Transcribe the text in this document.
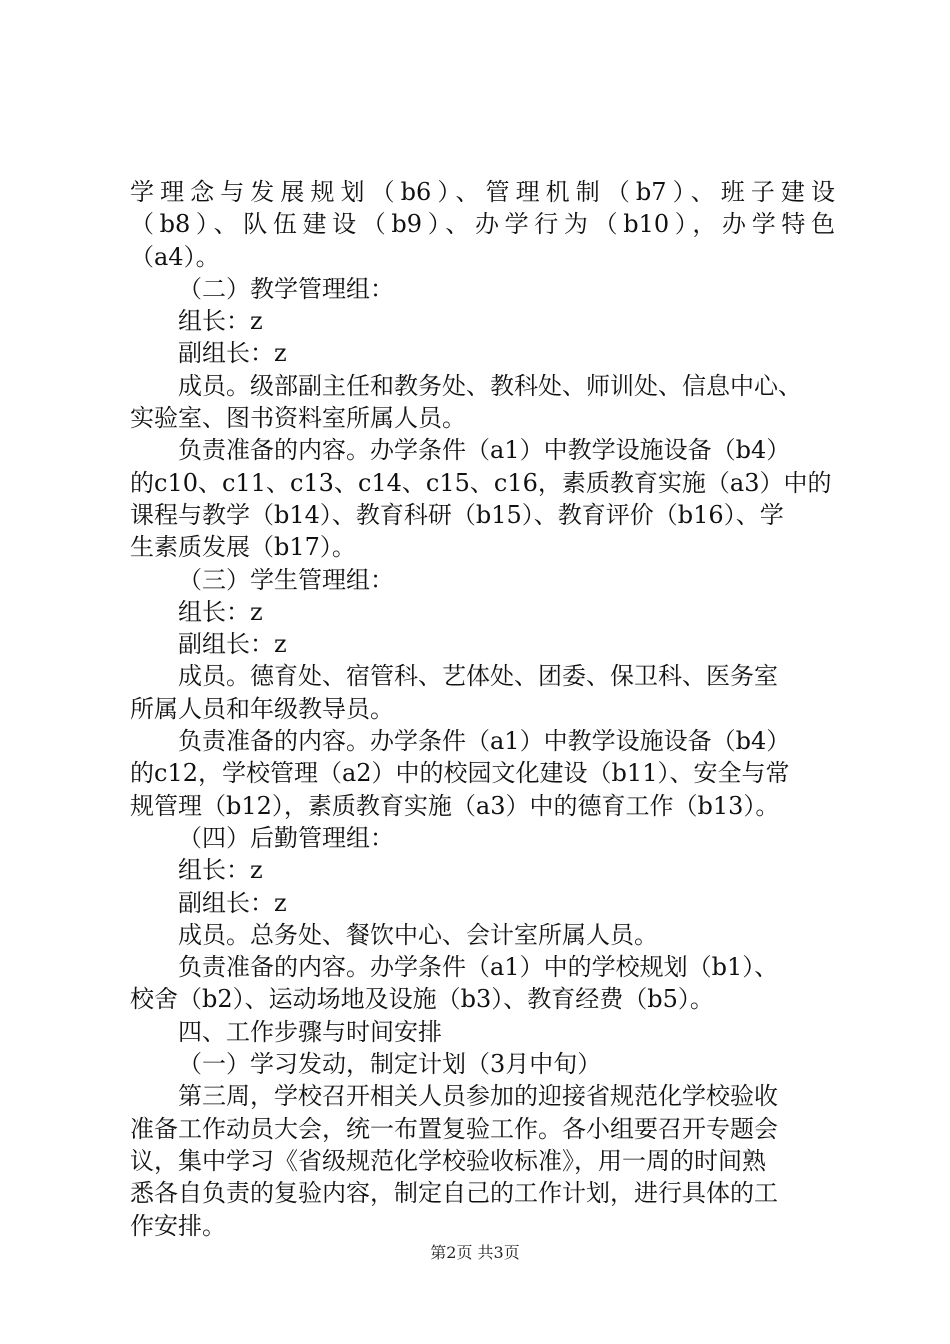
学理念与发展规划（b6）、管理机制（b7）、班子建设
（b8）、队伍建设（b9）、办学行为（b10），办学特色
（a4）。
（二）教学管理组：
组长：z
副组长：z
成员。级部副主任和教务处、教科处、师训处、信息中心、
实验室、图书资料室所属人员。
负责准备的内容。办学条件（a1）中教学设施设备（b4）
的c10、c11、c13、c14、c15、c16，素质教育实施（a3）中的
课程与教学（b14）、教育科研（b15）、教育评价（b16）、学
生素质发展（b17）。
（三）学生管理组：
组长：z
副组长：z
成员。德育处、宿管科、艺体处、团委、保卫科、医务室
所属人员和年级教导员。
负责准备的内容。办学条件（a1）中教学设施设备（b4）
的c12，学校管理（a2）中的校园文化建设（b11）、安全与常
规管理（b12），素质教育实施（a3）中的德育工作（b13）。
（四）后勤管理组：
组长：z
副组长：z
成员。总务处、餐饮中心、会计室所属人员。
负责准备的内容。办学条件（a1）中的学校规划（b1）、
校舍（b2）、运动场地及设施（b3）、教育经费（b5）。
四、工作步骤与时间安排
（一）学习发动，制定计划（3月中旬）
第三周，学校召开相关人员参加的迎接省规范化学校验收
准备工作动员大会，统一布置复验工作。各小组要召开专题会
议，集中学习《省级规范化学校验收标准》，用一周的时间熟
悉各自负责的复验内容，制定自己的工作计划，进行具体的工
作安排。
第2页 共3页
